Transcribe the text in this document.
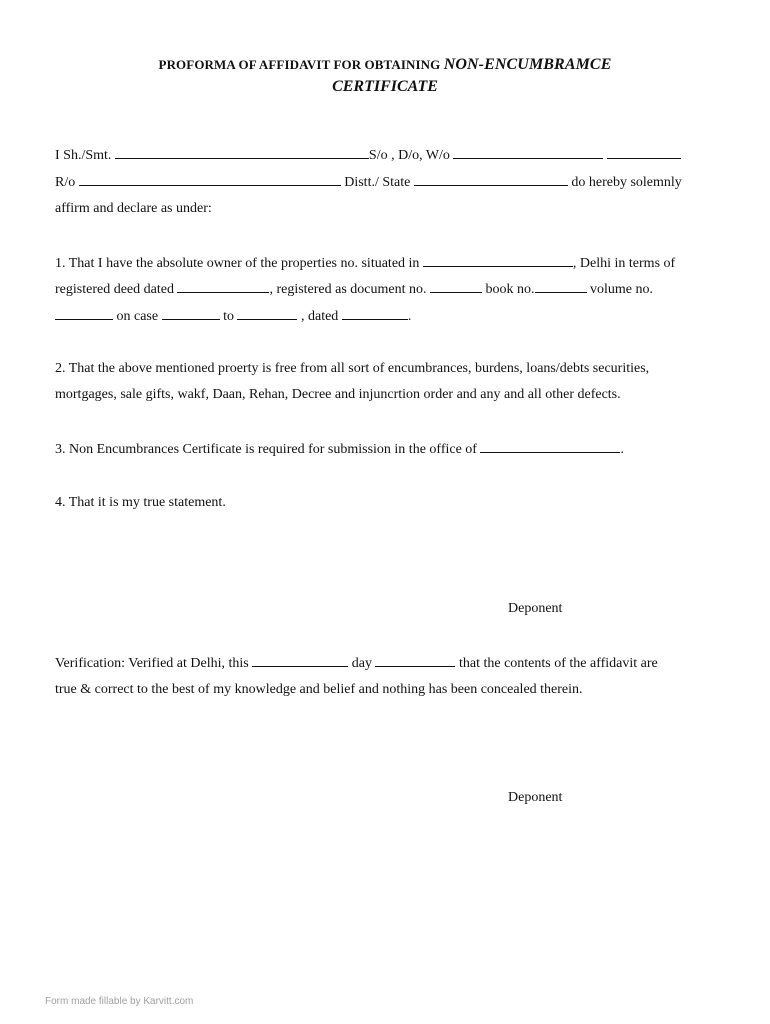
PROFORMA OF AFFIDAVIT FOR OBTAINING NON-ENCUMBRAMCE
CERTIFICATE
I Sh./Smt.	S/o , D/o, W/o
R/o	Distt./ State	do hereby solemnly
affirm and declare as under:
1. That I have the absolute owner of the properties no. situated in	, Delhi in terms of
registered deed dated	, registered as document no.	book no.	volume no.
on case	to	, dated	.
2. That the above mentioned proerty is free from all sort of encumbrances, burdens, loans/debts securities,
mortgages, sale gifts, wakf, Daan, Rehan, Decree and injuncrtion order and any and all other defects.
3. Non Encumbrances Certificate is required for submission in the office of	.
4. That it is my true statement.
Deponent
Verification: Verified at Delhi, this	day	that the contents of the affidavit are
true & correct to the best of my knowledge and belief and nothing has been concealed therein.
Deponent
Form made fillable by Karvitt.com
